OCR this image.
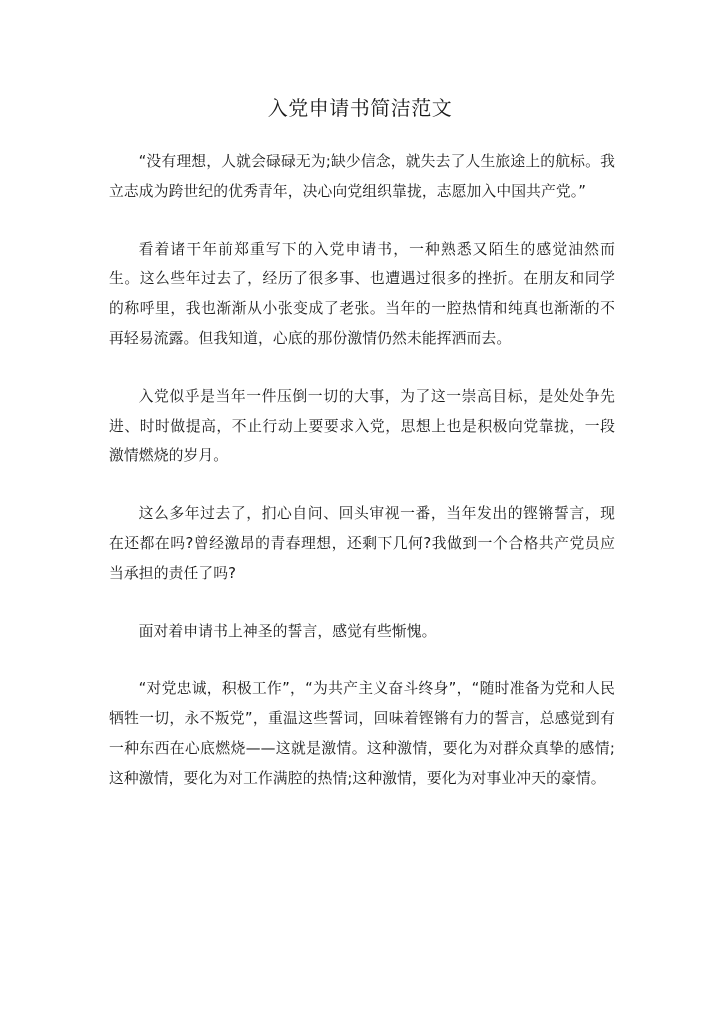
入党申请书简洁范文

“没有理想，人就会碌碌无为;缺少信念，就失去了人生旅途上的航标。我立志成为跨世纪的优秀青年，决心向党组织靠拢，志愿加入中国共产党。”

看着诸干年前郑重写下的入党申请书，一种熟悉又陌生的感觉油然而生。这么些年过去了，经历了很多事、也遭遇过很多的挫折。在朋友和同学的称呼里，我也渐渐从小张变成了老张。当年的一腔热情和纯真也渐渐的不再轻易流露。但我知道，心底的那份激情仍然未能挥洒而去。

入党似乎是当年一件压倒一切的大事，为了这一崇高目标，是处处争先进、时时做提高，不止行动上要要求入党，思想上也是积极向党靠拢，一段激情燃烧的岁月。

这么多年过去了，扪心自问、回头审视一番，当年发出的铿锵誓言，现在还都在吗?曾经激昂的青春理想，还剩下几何?我做到一个合格共产党员应当承担的责任了吗?

面对着申请书上神圣的誓言，感觉有些惭愧。

“对党忠诚，积极工作”，“为共产主义奋斗终身”，“随时准备为党和人民牺牲一切，永不叛党”，重温这些誓词，回味着铿锵有力的誓言，总感觉到有一种东西在心底燃烧——这就是激情。这种激情，要化为对群众真挚的感情;这种激情，要化为对工作满腔的热情;这种激情，要化为对事业冲天的豪情。
